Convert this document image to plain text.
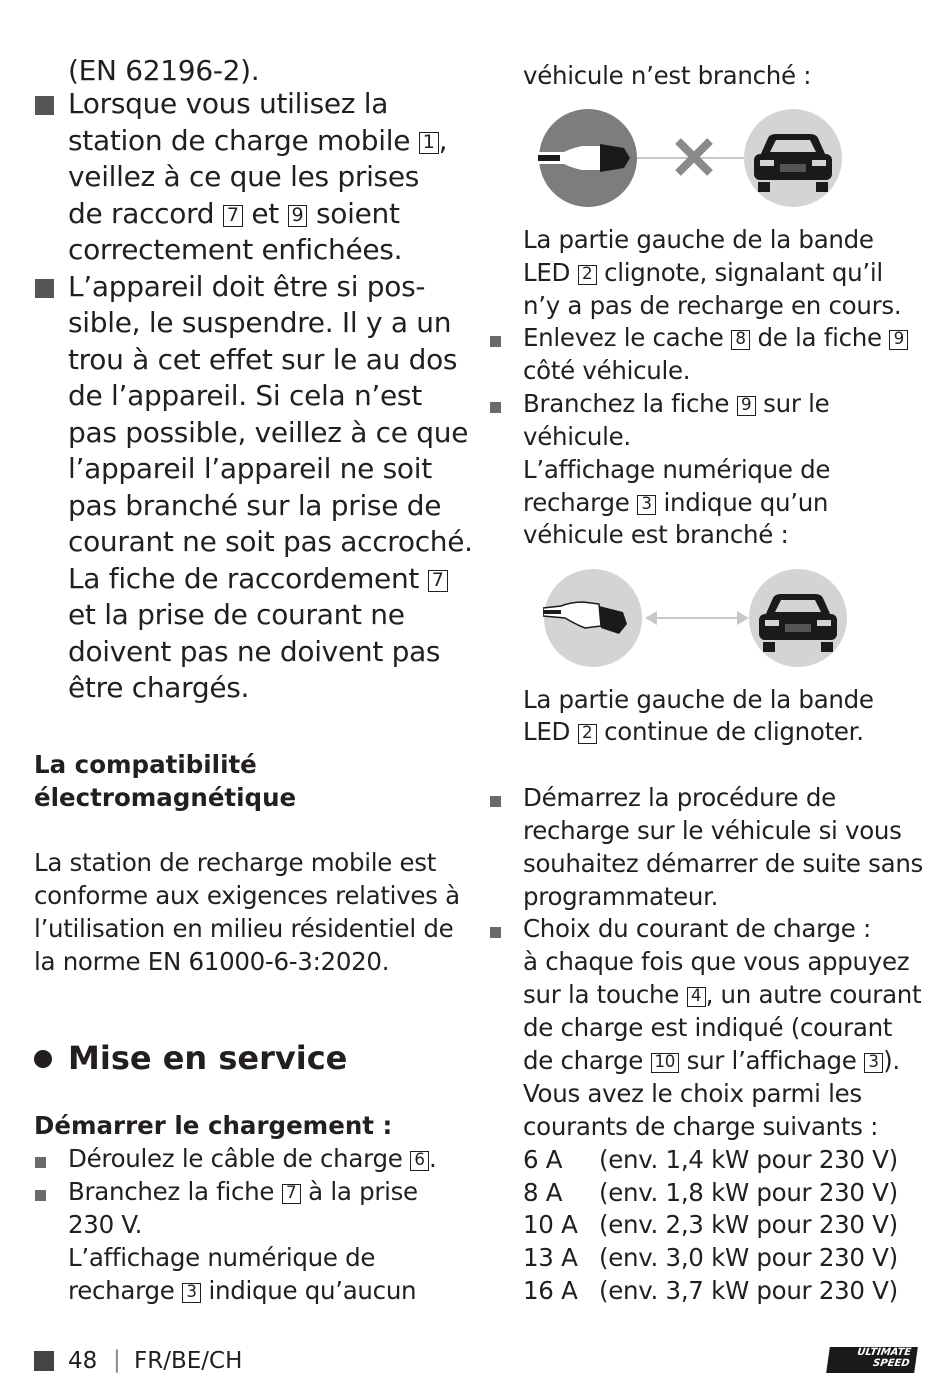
(EN 62196-2).
Lorsque vous utilisez la
station de charge mobile 1 ,
veillez à ce que les prises
de raccord 7 et 9 soient
correctement enfichées.
L’appareil doit être si pos-
sible, le suspendre. Il y a un
trou à cet effet sur le au dos
de l’appareil. Si cela n’est
pas possible, veillez à ce que
l’appareil l’appareil ne soit
pas branché sur la prise de
courant ne soit pas accroché.
La fiche de raccordement 7
et la prise de courant ne
doivent pas ne doivent pas
être chargés.
La compatibilité
électromagnétique
La station de recharge mobile est
conforme aux exigences relatives à
l’utilisation en milieu résidentiel de
la norme EN 61000-6-3:2020.
Mise en service
Démarrer le chargement :
Déroulez le câble de charge 6 .
Branchez la fiche 7 à la prise
230 V.
L’affichage numérique de
recharge 3 indique qu’aucun
véhicule n’est branché :
La partie gauche de la bande
LED 2 clignote, signalant qu’il
n’y a pas de recharge en cours.
Enlevez le cache 8 de la fiche 9
côté véhicule.
Branchez la fiche 9 sur le
véhicule.
L’affichage numérique de
recharge 3 indique qu’un
véhicule est branché :
La partie gauche de la bande
LED 2 continue de clignoter.
Démarrez la procédure de
recharge sur le véhicule si vous
souhaitez démarrer de suite sans
programmateur.
Choix du courant de charge :
à chaque fois que vous appuyez
sur la touche 4 , un autre courant
de charge est indiqué (courant
de charge 10 sur l’affichage 3 ).
Vous avez le choix parmi les
courants de charge suivants :
6 A (env. 1,4 kW pour 230 V)
8 A (env. 1,8 kW pour 230 V)
10 A (env. 2,3 kW pour 230 V)
13 A (env. 3,0 kW pour 230 V)
16 A (env. 3,7 kW pour 230 V)
48 | FR/BE/CH	ULTIMATE
SPEED
